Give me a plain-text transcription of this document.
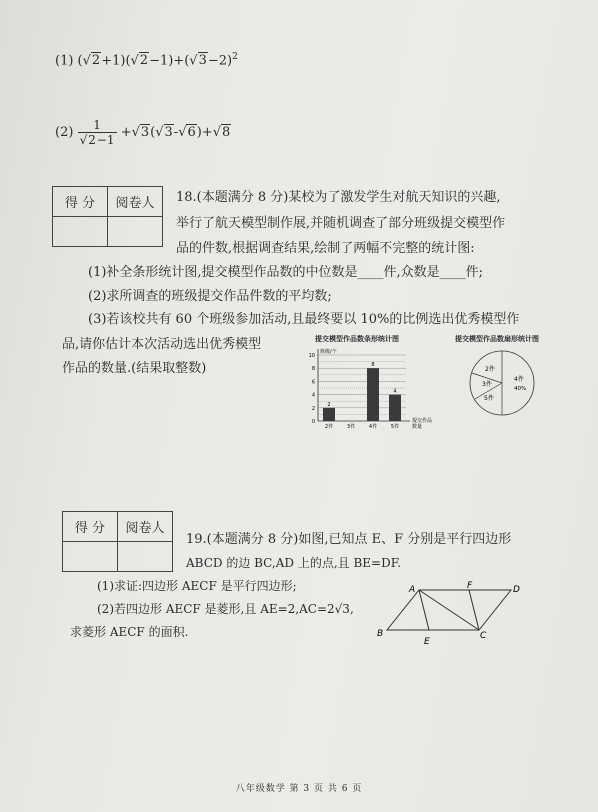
(1) $(√2+1)(√2-1)+(√3-2)^2$
$(2) \frac{1}{√2-1} +√3(√3-√6)+√8$
得 分	阅卷人
	18.(本题满分 8 分)某校为了激发学生对航天知识的兴趣,
举行了航天模型制作展,并随机调查了部分班级提交模型作
品的件数,根据调查结果,绘制了两幅不完整的统计图:
(1)补全条形统计图,提交模型作品数的中位数是____件,众数是____件;
(2)求所调查的班级提交作品件数的平均数;
(3)若该校共有 60 个班级参加活动,且最终要以 10%的比例选出优秀模型作
品,请你估计本次活动选出优秀模型
作品的数量.(结果取整数)
提交模型作品数条形统计图
2
4
6
8
10
0
班级/个
提交作品
数量
2件
2
3件	4件
8
5件
4
提交模型作品数扇形统计图
2件
3件
4件
40%
5件
得 分	阅卷人

19.(本题满分 8 分)如图,已知点 E、F 分别是平行四边形
ABCD 的边 BC,AD 上的点,且 BE=DF.
(1)求证:四边形 AECF 是平行四边形;
(2)若四边形 AECF 是菱形,且 AE=2,AC=2√3,
求菱形 AECF 的面积.
A	F	D
B
E
C
八年级数学 第 3 页 共 6 页
